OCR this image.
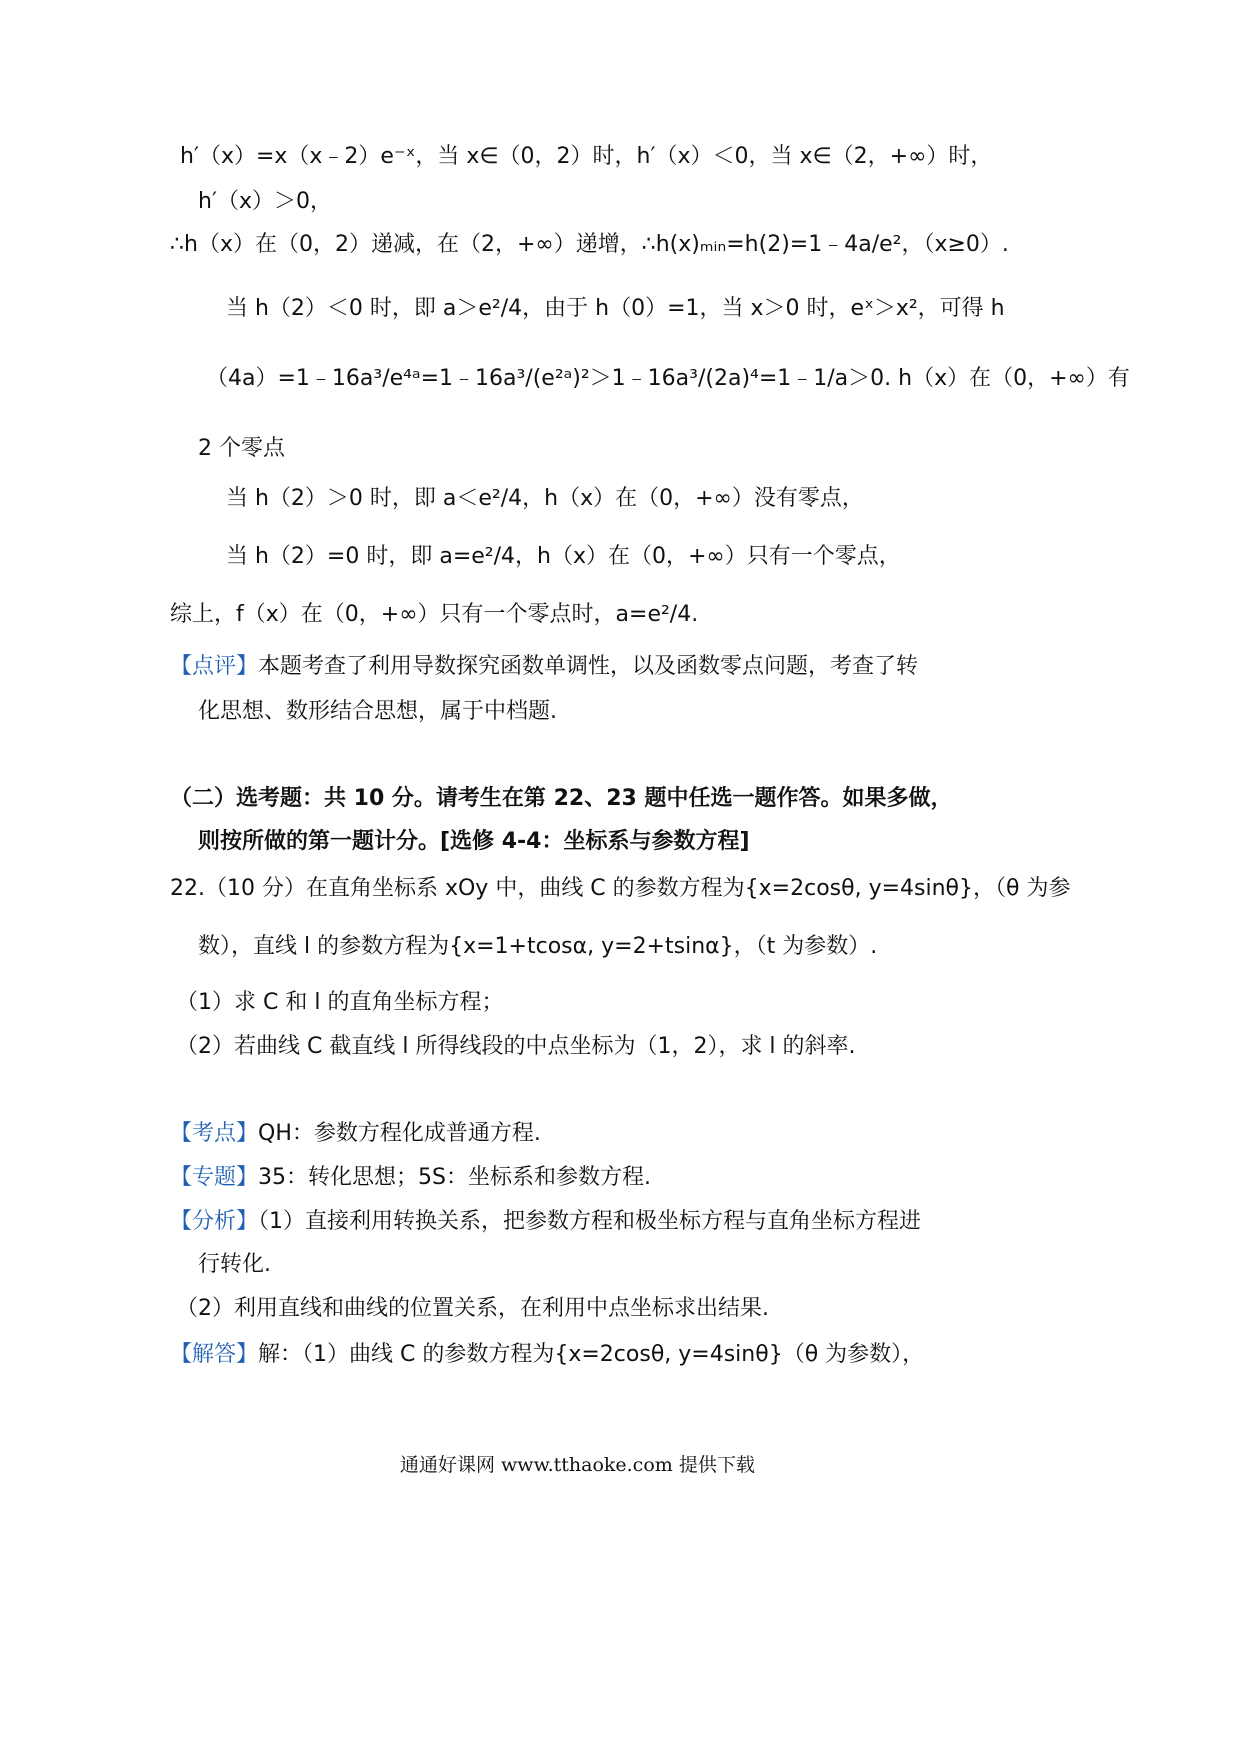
h′（x）=x（x﹣2）e⁻ˣ，当 x∈（0，2）时，h′（x）＜0，当 x∈（2，+∞）时，
h′（x）＞0，
∴h（x）在（0，2）递减，在（2，+∞）递增，∴h(x)ₘᵢₙ=h(2)=1﹣4a/e²，（x≥0）.
当 h（2）＜0 时，即 a＞e²/4，由于 h（0）=1，当 x＞0 时，eˣ＞x²，可得 h
（4a）=1﹣16a³/e⁴ᵃ=1﹣16a³/(e²ᵃ)²＞1﹣16a³/(2a)⁴=1﹣1/a＞0. h（x）在（0，+∞）有
2 个零点
当 h（2）＞0 时，即 a＜e²/4，h（x）在（0，+∞）没有零点，
当 h（2）=0 时，即 a=e²/4，h（x）在（0，+∞）只有一个零点，
综上，f（x）在（0，+∞）只有一个零点时，a=e²/4.
【点评】本题考查了利用导数探究函数单调性，以及函数零点问题，考查了转
化思想、数形结合思想，属于中档题.
（二）选考题：共 10 分。请考生在第 22、23 题中任选一题作答。如果多做，
则按所做的第一题计分。[选修 4-4：坐标系与参数方程]
22.（10 分）在直角坐标系 xOy 中，曲线 C 的参数方程为{x=2cosθ, y=4sinθ}，（θ 为参
数），直线 l 的参数方程为{x=1+tcosα, y=2+tsinα}，（t 为参数）.
（1）求 C 和 l 的直角坐标方程；
（2）若曲线 C 截直线 l 所得线段的中点坐标为（1，2），求 l 的斜率.
【考点】QH：参数方程化成普通方程.
【专题】35：转化思想；5S：坐标系和参数方程.
【分析】（1）直接利用转换关系，把参数方程和极坐标方程与直角坐标方程进
行转化.
（2）利用直线和曲线的位置关系，在利用中点坐标求出结果.
【解答】解：（1）曲线 C 的参数方程为{x=2cosθ, y=4sinθ}（θ 为参数），
通通好课网 www.tthaoke.com 提供下载
